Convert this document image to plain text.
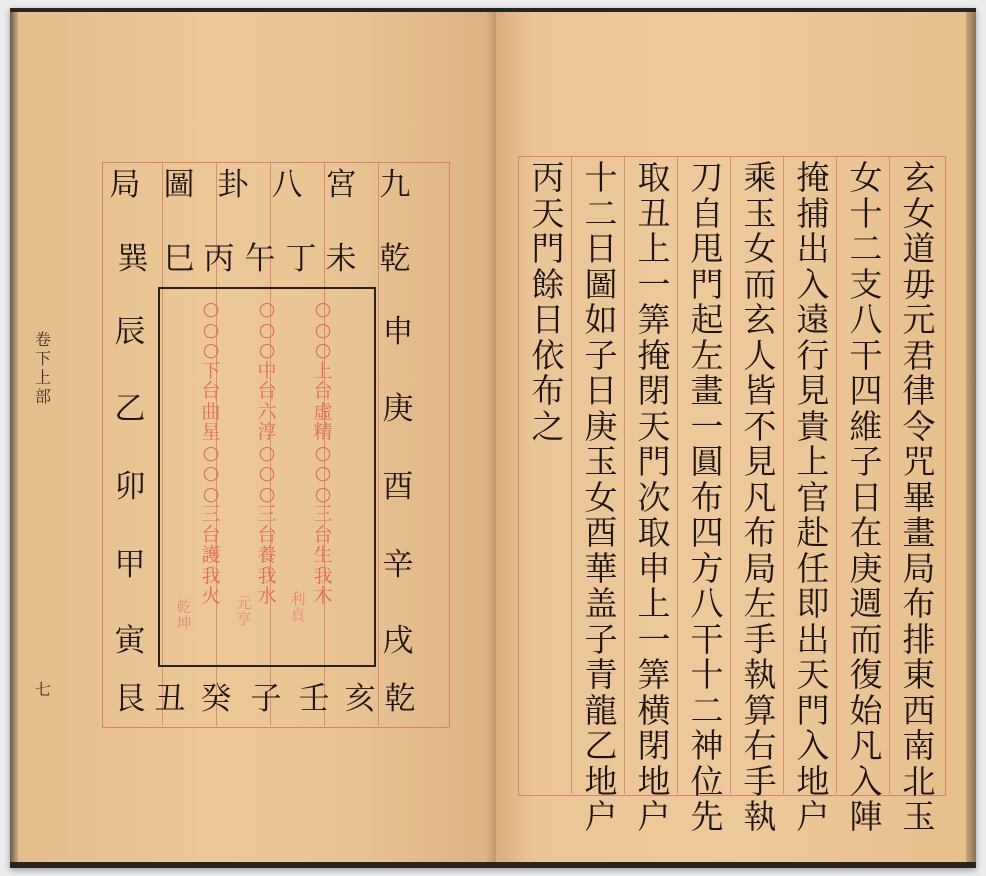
九
宮
八
卦
圖
局
乾
未
丁
午
丙
巳
巽
申
庚
酉
辛
戌
辰
乙
卯
甲
寅
乾
亥
壬
子
癸
丑
艮
○○○上台虛精○○○三台生我木
○○○中台六淳○○○三台養我水
○○○下台曲星○○○三台護我火	利貞
元亨
乾坤
卷下上部
七
玄女道毋元君律令咒畢畫局布排東西南北玉
女十二支八干四維子日在庚週而復始凡入陣
掩捕出入遠行見貴上官赴任即出天門入地户
乘玉女而玄人皆不見凡布局左手執算右手執
刀自甩門起左畫一圓布四方八干十二神位先
取丑上一筭掩閉天門次取申上一筭横閉地户
十二日圖如子日庚玉女酉華盖子青龍乙地户
丙天門餘日依布之
